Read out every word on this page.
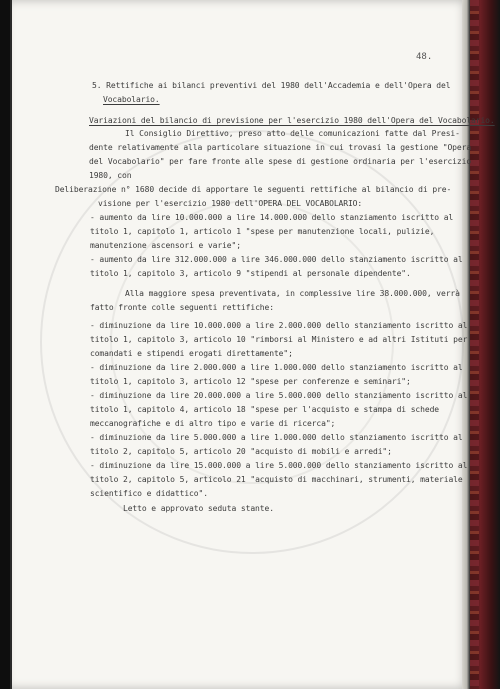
48.
5. Rettifiche ai bilanci preventivi del 1980 dell'Accademia e dell'Opera del
Vocabolario.
Variazioni del bilancio di previsione per l'esercizio 1980 dell'Opera del Vocabolario.
Il Consiglio Direttivo, preso atto delle comunicazioni fatte dal Presi-
dente relativamente alla particolare situazione in cui trovasi la gestione "Opera
del Vocabolario" per fare fronte alle spese di gestione ordinaria per l'esercizio
1980, con
Deliberazione n° 1680 decide di apportare le seguenti rettifiche al bilancio di pre-
visione per l'esercizio 1980 dell'OPERA DEL VOCABOLARIO:
- aumento da lire 10.000.000 a lire 14.000.000 dello stanziamento iscritto al
titolo 1, capitolo 1, articolo 1 "spese per manutenzione locali, pulizie,
manutenzione ascensori e varie";
- aumento da lire 312.000.000 a lire 346.000.000 dello stanziamento iscritto al
titolo 1, capitolo 3, articolo 9 "stipendi al personale dipendente".
Alla maggiore spesa preventivata, in complessive lire 38.000.000, verrà
fatto fronte colle seguenti rettifiche:
- diminuzione da lire 10.000.000 a lire 2.000.000 dello stanziamento iscritto al
titolo 1, capitolo 3, articolo 10 "rimborsi al Ministero e ad altri Istituti per
comandati e stipendi erogati direttamente";
- diminuzione da lire 2.000.000 a lire 1.000.000 dello stanziamento iscritto al
titolo 1, capitolo 3, articolo 12 "spese per conferenze e seminari";
- diminuzione da lire 20.000.000 a lire 5.000.000 dello stanziamento iscritto al
titolo 1, capitolo 4, articolo 18 "spese per l'acquisto e stampa di schede
meccanografiche e di altro tipo e varie di ricerca";
- diminuzione da lire 5.000.000 a lire 1.000.000 dello stanziamento iscritto al
titolo 2, capitolo 5, articolo 20 "acquisto di mobili e arredi";
- diminuzione da lire 15.000.000 a lire 5.000.000 dello stanziamento iscritto al
titolo 2, capitolo 5, articolo 21 "acquisto di macchinari, strumenti, materiale
scientifico e didattico".
Letto e approvato seduta stante.
